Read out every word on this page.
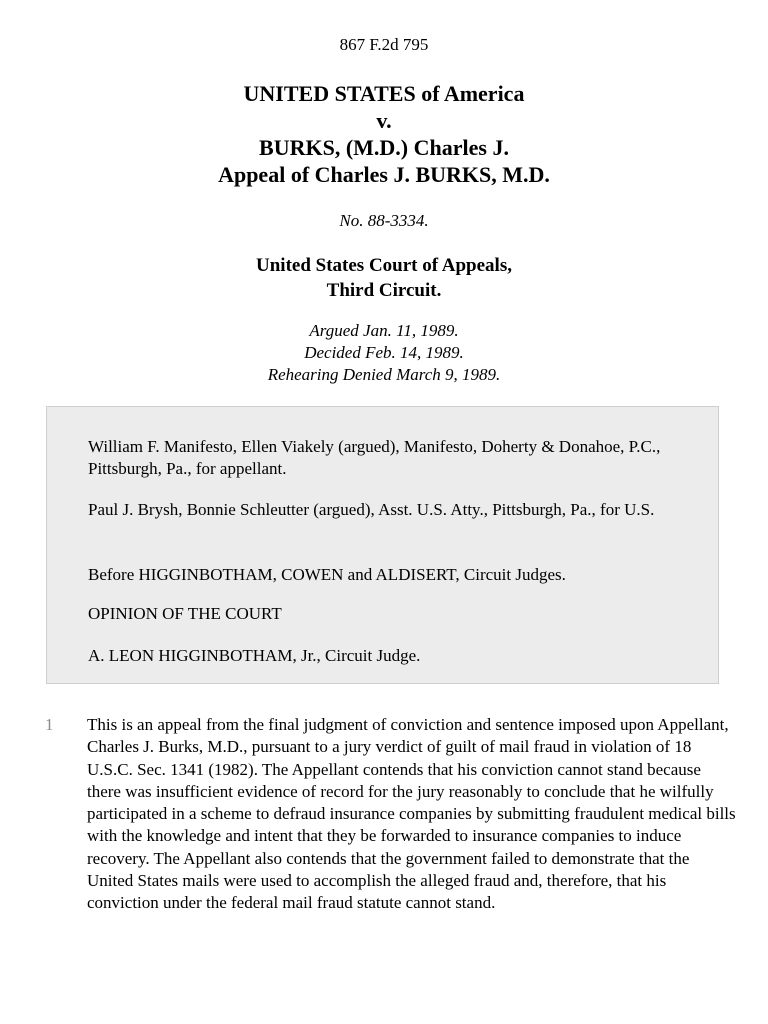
867 F.2d 795
UNITED STATES of America
v.
BURKS, (M.D.) Charles J.
Appeal of Charles J. BURKS, M.D.
No. 88-3334.
United States Court of Appeals,
Third Circuit.
Argued Jan. 11, 1989.
Decided Feb. 14, 1989.
Rehearing Denied March 9, 1989.

William F. Manifesto, Ellen Viakely (argued), Manifesto, Doherty & Donahoe, P.C., Pittsburgh, Pa., for appellant.

Paul J. Brysh, Bonnie Schleutter (argued), Asst. U.S. Atty., Pittsburgh, Pa., for U.S.

Before HIGGINBOTHAM, COWEN and ALDISERT, Circuit Judges.

OPINION OF THE COURT

A. LEON HIGGINBOTHAM, Jr., Circuit Judge.

1 This is an appeal from the final judgment of conviction and sentence imposed upon Appellant, Charles J. Burks, M.D., pursuant to a jury verdict of guilt of mail fraud in violation of 18 U.S.C. Sec. 1341 (1982). The Appellant contends that his conviction cannot stand because there was insufficient evidence of record for the jury reasonably to conclude that he wilfully participated in a scheme to defraud insurance companies by submitting fraudulent medical bills with the knowledge and intent that they be forwarded to insurance companies to induce recovery. The Appellant also contends that the government failed to demonstrate that the United States mails were used to accomplish the alleged fraud and, therefore, that his conviction under the federal mail fraud statute cannot stand.
